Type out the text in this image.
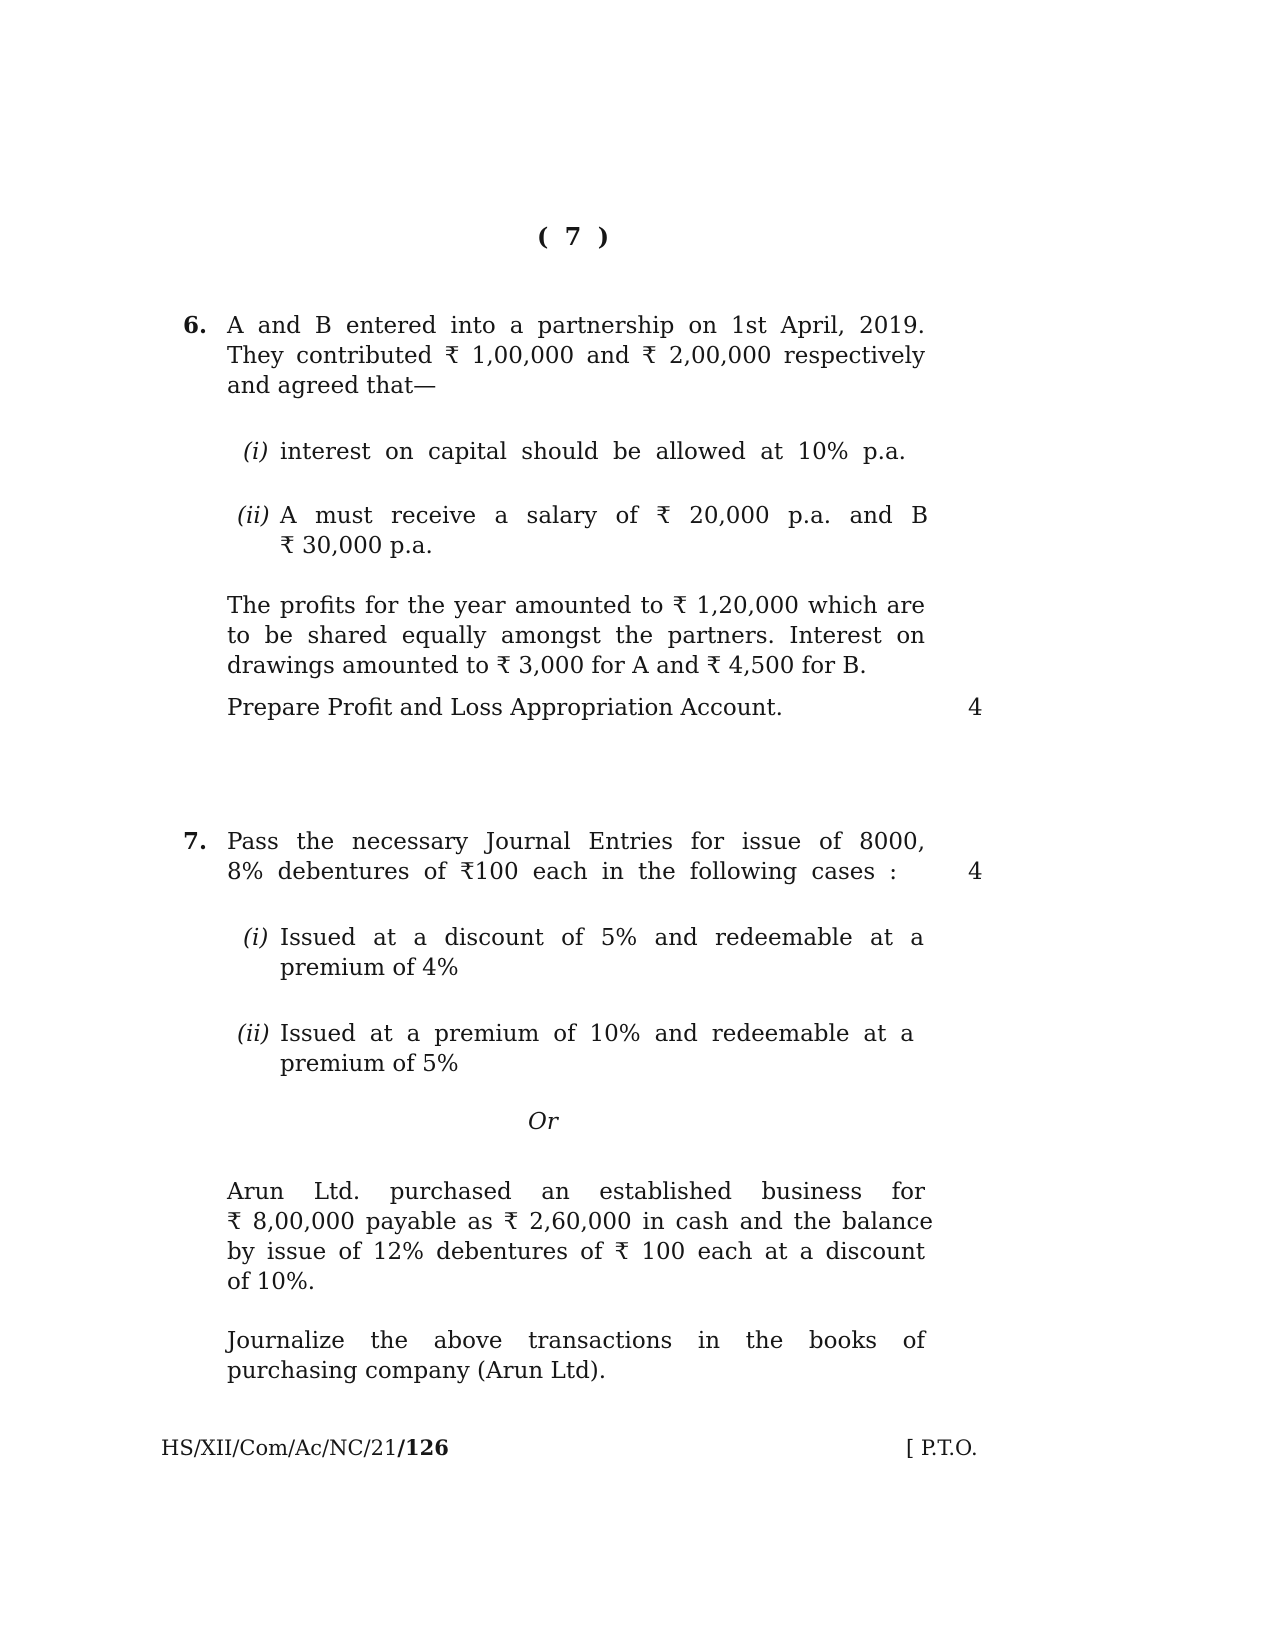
( 7 )
6. A and B entered into a partnership on 1st April, 2019.
They contributed ₹ 1,00,000 and ₹ 2,00,000 respectively
and agreed that—
(i) interest on capital should be allowed at 10% p.a.
(ii) A must receive a salary of ₹ 20,000 p.a. and B
₹ 30,000 p.a.
The profits for the year amounted to ₹ 1,20,000 which are
to be shared equally amongst the partners. Interest on
drawings amounted to ₹ 3,000 for A and ₹ 4,500 for B.
Prepare Profit and Loss Appropriation Account.	4
7. Pass the necessary Journal Entries for issue of 8000,
8% debentures of ₹100 each in the following cases :	4
(i) Issued at a discount of 5% and redeemable at a
premium of 4%
(ii) Issued at a premium of 10% and redeemable at a
premium of 5%
Or
Arun Ltd. purchased an established business for
₹ 8,00,000 payable as ₹ 2,60,000 in cash and the balance
by issue of 12% debentures of ₹ 100 each at a discount
of 10%.
Journalize the above transactions in the books of
purchasing company (Arun Ltd).
HS/XII/Com/Ac/NC/21/126	[ P.T.O.
